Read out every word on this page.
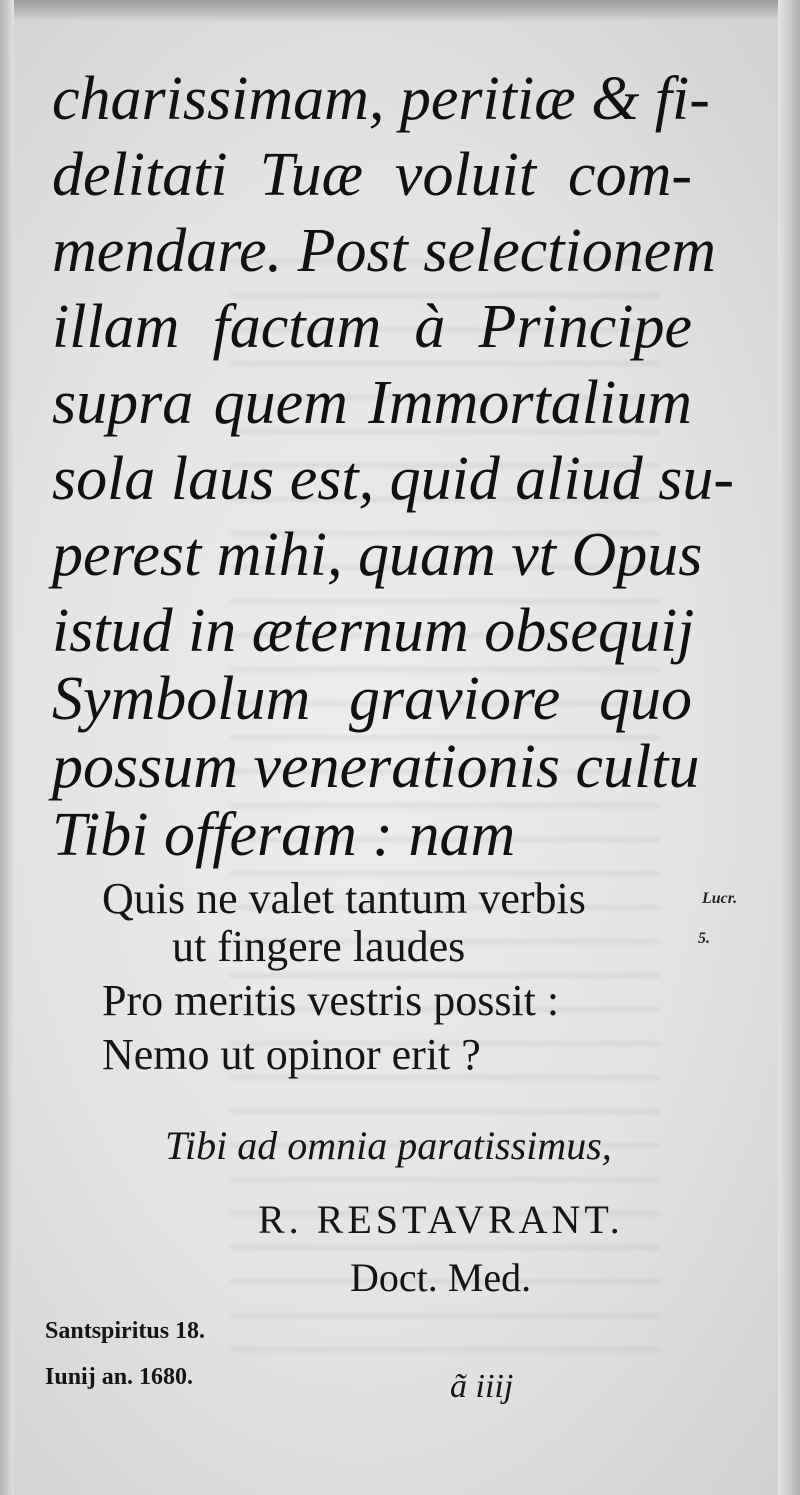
charissimam, peritiæ & fi-
delitati Tuæ voluit com-
mendare. Post selectionem
illam factam à Principe
supra quem Immortalium
sola laus est, quid aliud su-
perest mihi, quam vt Opus
istud in æternum obsequij
Symbolum graviore quo
possum venerationis cultu
Tibi offeram : nam
Quis ne valet tantum verbis
ut fingere laudes
Pro meritis vestris possit :
Nemo ut opinor erit ?
Lucr.
5.
Tibi ad omnia paratissimus,
R. RESTAVRANT.
Doct. Med.
Santspiritus 18.
Iunij an. 1680.	ã iiij
